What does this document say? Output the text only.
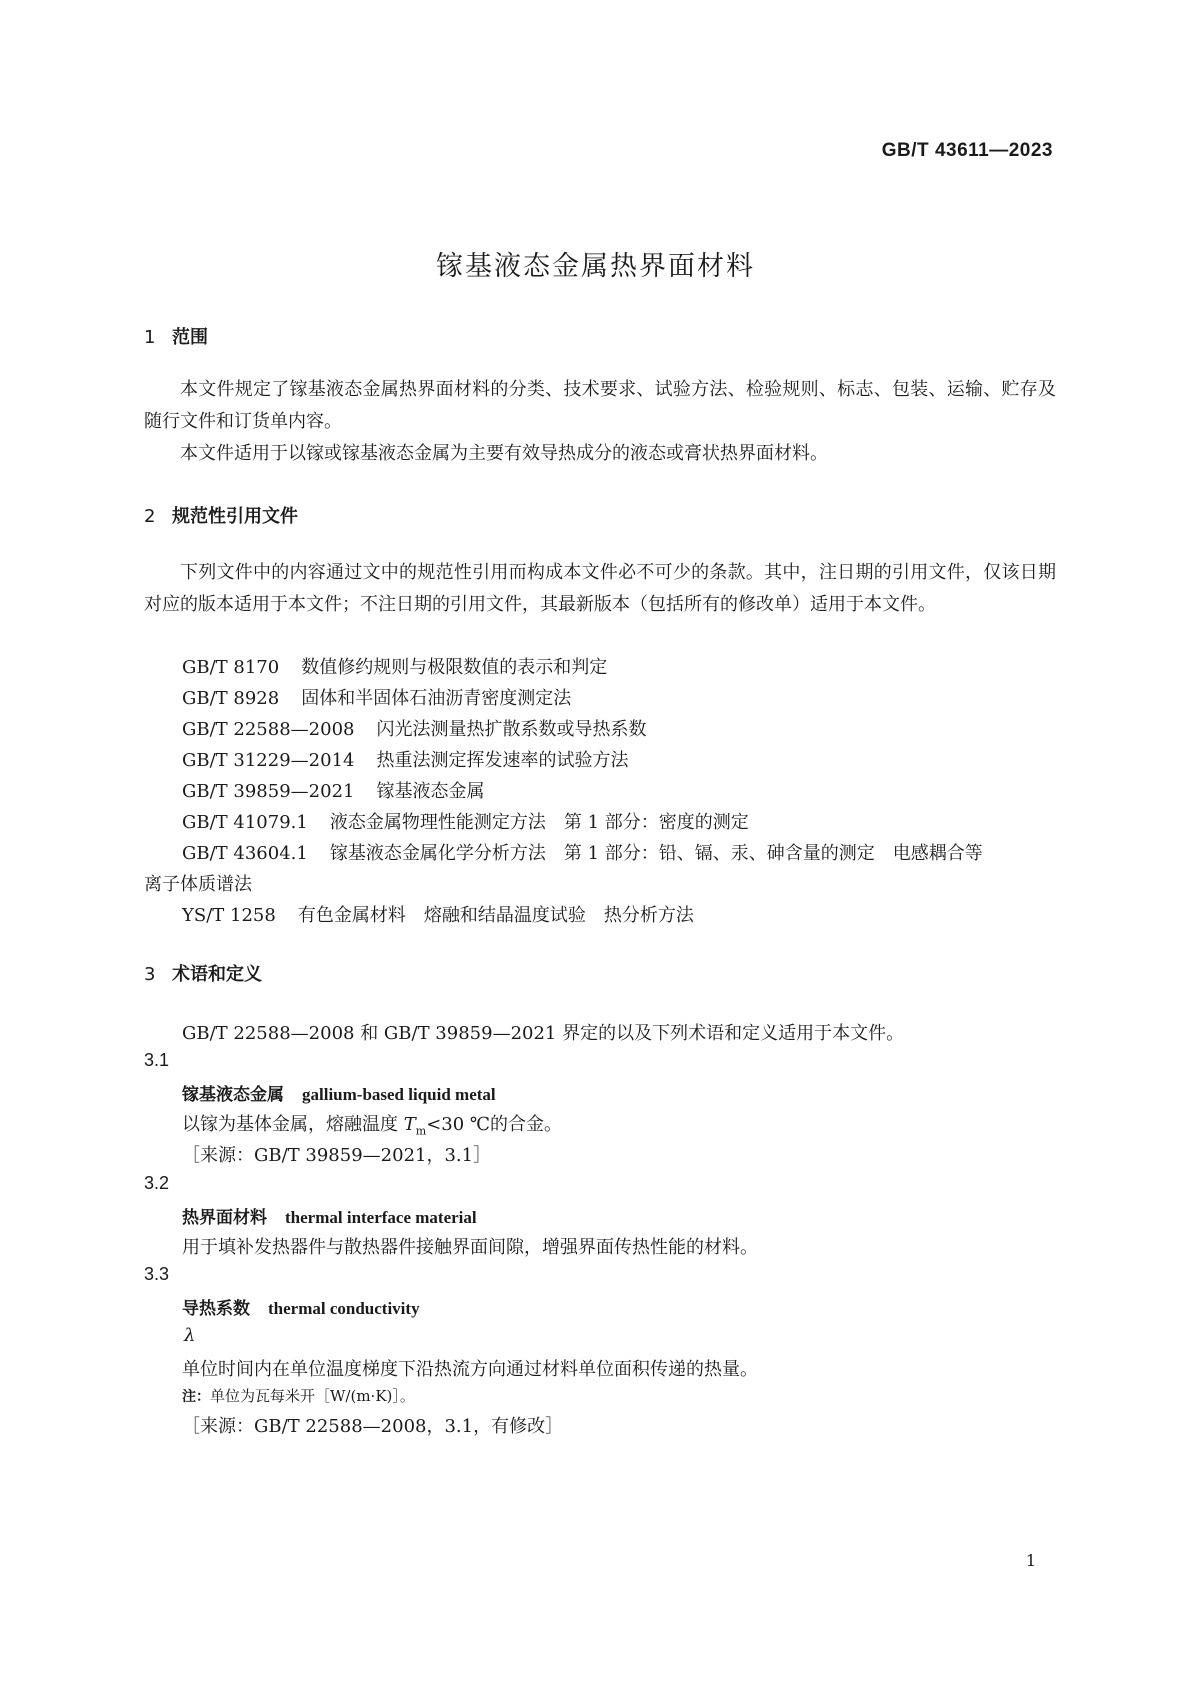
GB/T 43611—2023
镓基液态金属热界面材料
1 范围
本文件规定了镓基液态金属热界面材料的分类、技术要求、试验方法、检验规则、标志、包装、运输、贮存及随行文件和订货单内容。
本文件适用于以镓或镓基液态金属为主要有效导热成分的液态或膏状热界面材料。
2 规范性引用文件
下列文件中的内容通过文中的规范性引用而构成本文件必不可少的条款。其中，注日期的引用文件，仅该日期对应的版本适用于本文件；不注日期的引用文件，其最新版本（包括所有的修改单）适用于本文件。
GB/T 8170 数值修约规则与极限数值的表示和判定
GB/T 8928 固体和半固体石油沥青密度测定法
GB/T 22588—2008 闪光法测量热扩散系数或导热系数
GB/T 31229—2014 热重法测定挥发速率的试验方法
GB/T 39859—2021 镓基液态金属
GB/T 41079.1 液态金属物理性能测定方法　第 1 部分：密度的测定
GB/T 43604.1 镓基液态金属化学分析方法　第 1 部分：铅、镉、汞、砷含量的测定　电感耦合等
离子体质谱法
YS/T 1258 有色金属材料　熔融和结晶温度试验　热分析方法
3 术语和定义
GB/T 22588—2008 和 GB/T 39859—2021 界定的以及下列术语和定义适用于本文件。
3.1
镓基液态金属 gallium-based liquid metal
以镓为基体金属，熔融温度 $T_m<30$ ℃的合金。
［来源：GB/T 39859—2021，3.1］
3.2
热界面材料 thermal interface material
用于填补发热器件与散热器件接触界面间隙，增强界面传热性能的材料。
3.3
导热系数 thermal conductivity
λ
单位时间内在单位温度梯度下沿热流方向通过材料单位面积传递的热量。
注：单位为瓦每米开［W/(m·K)］。
［来源：GB/T 22588—2008，3.1，有修改］
1
